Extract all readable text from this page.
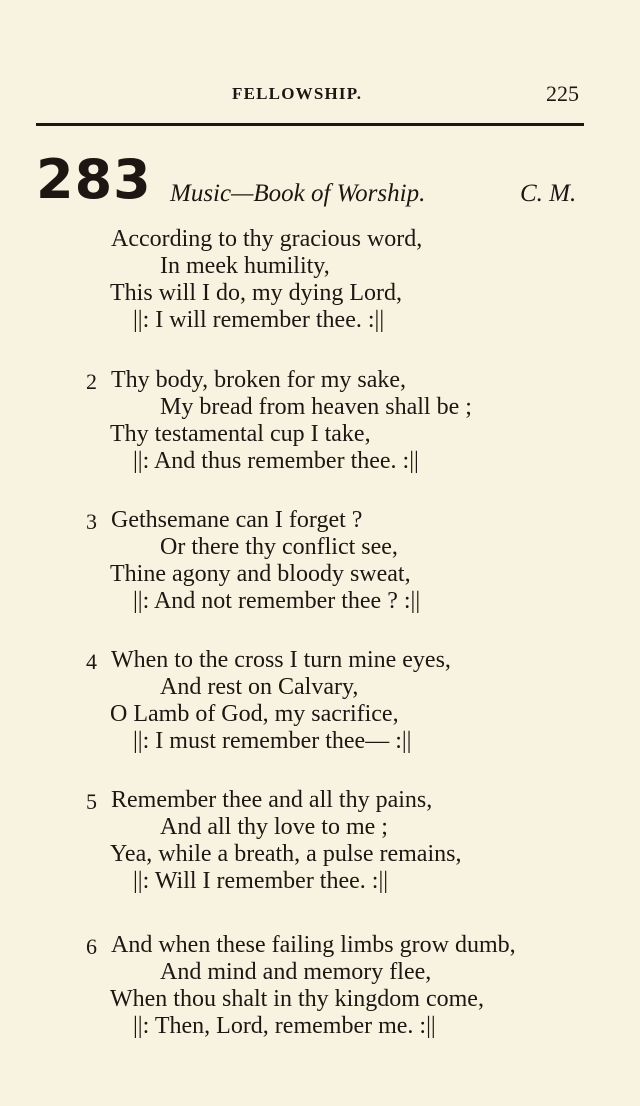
FELLOWSHIP.	225
283 Music—Book of Worship.	C. M.
According to thy gracious word,
In meek humility,
This will I do, my dying Lord,
||: I will remember thee. :||
2 Thy body, broken for my sake,
My bread from heaven shall be ;
Thy testamental cup I take,
||: And thus remember thee. :||
3 Gethsemane can I forget ?
Or there thy conflict see,
Thine agony and bloody sweat,
||: And not remember thee ? :||
4 When to the cross I turn mine eyes,
And rest on Calvary,
O Lamb of God, my sacrifice,
||: I must remember thee— :||
5 Remember thee and all thy pains,
And all thy love to me ;
Yea, while a breath, a pulse remains,
||: Will I remember thee. :||
6 And when these failing limbs grow dumb,
And mind and memory flee,
When thou shalt in thy kingdom come,
||: Then, Lord, remember me. :||
